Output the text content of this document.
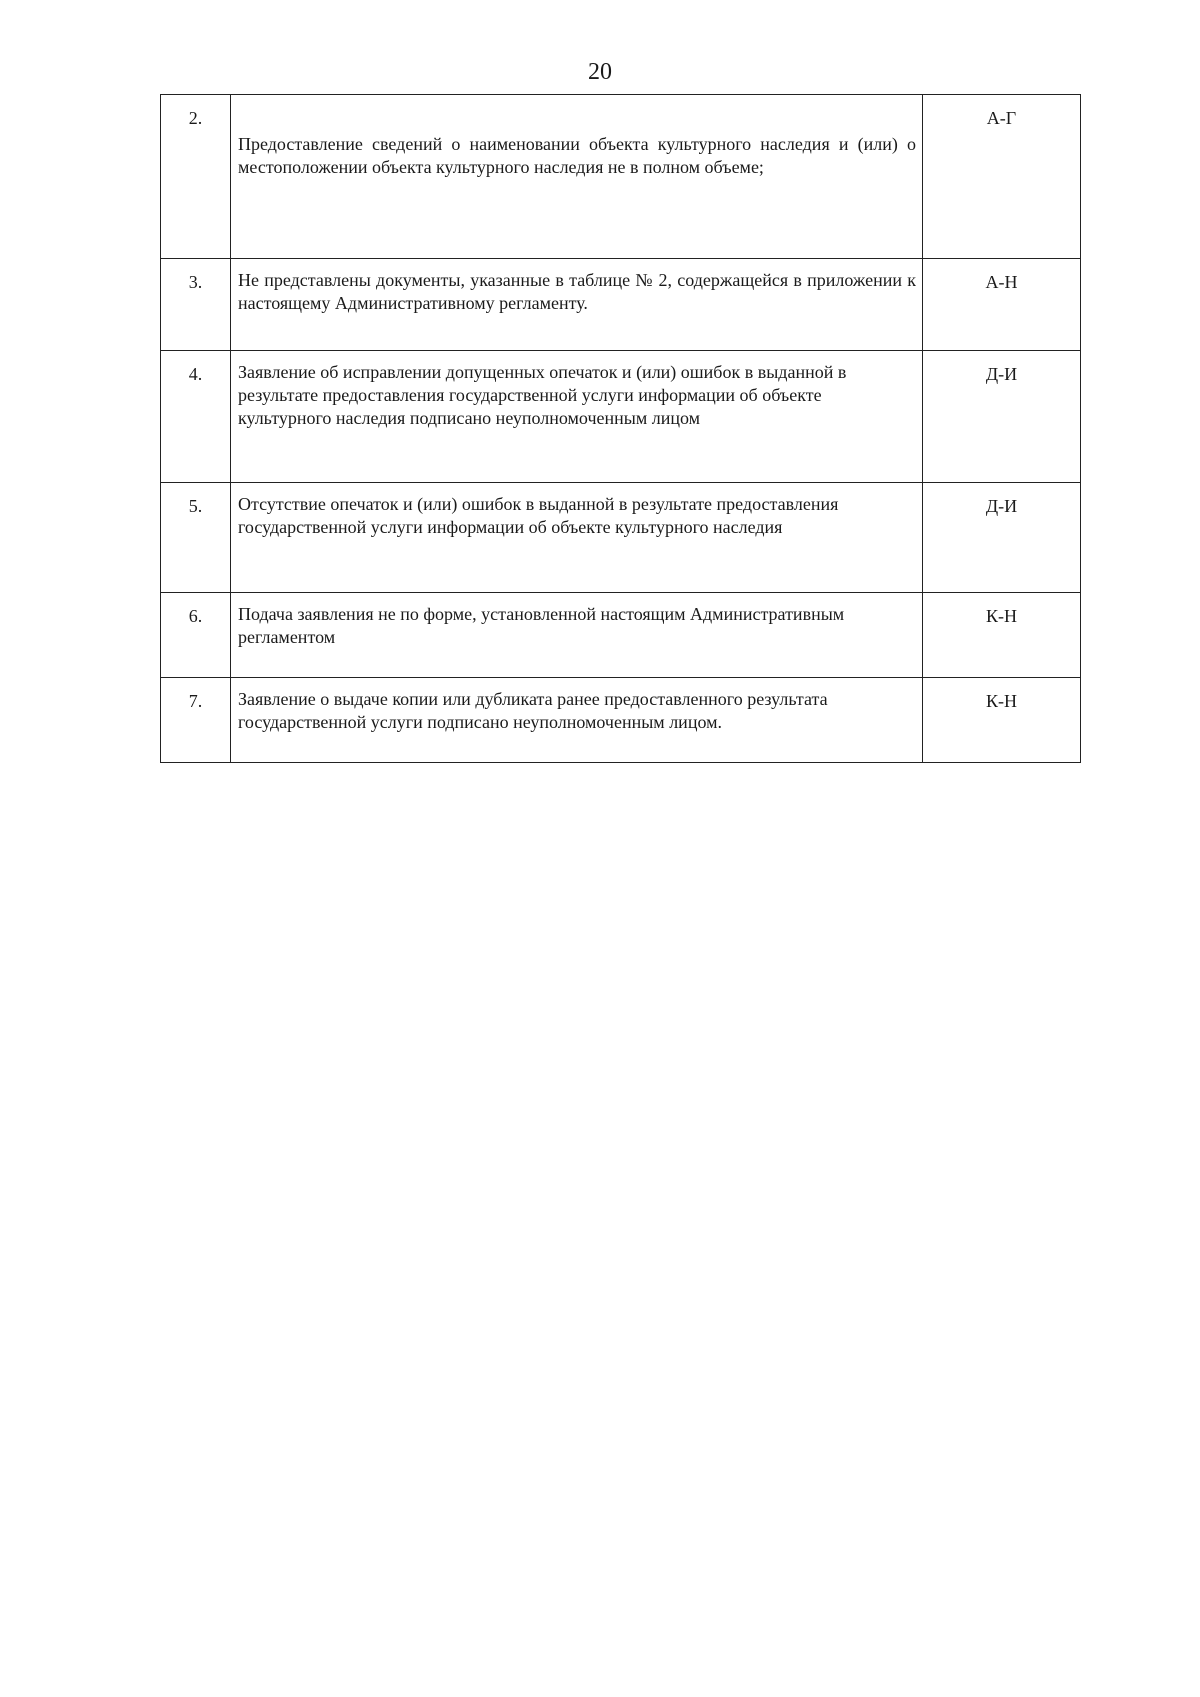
20
2.	Предоставление сведений о наименовании объекта культурного наследия и (или) о местоположении объекта культурного наследия не в полном объеме;	А-Г
3.	Не представлены документы, указанные в таблице № 2, содержащейся в приложении к настоящему Административному регламенту.	А-Н
4.	Заявление об исправлении допущенных опечаток и (или) ошибок в выданной в результате предоставления государственной услуги информации об объекте культурного наследия подписано неуполномоченным лицом	Д-И
5.	Отсутствие опечаток и (или) ошибок в выданной в результате предоставления государственной услуги информации об объекте культурного наследия	Д-И
6.	Подача заявления не по форме, установленной настоящим Административным регламентом	К-Н
7.	Заявление о выдаче копии или дубликата ранее предоставленного результата государственной услуги подписано неуполномоченным лицом.	К-Н
